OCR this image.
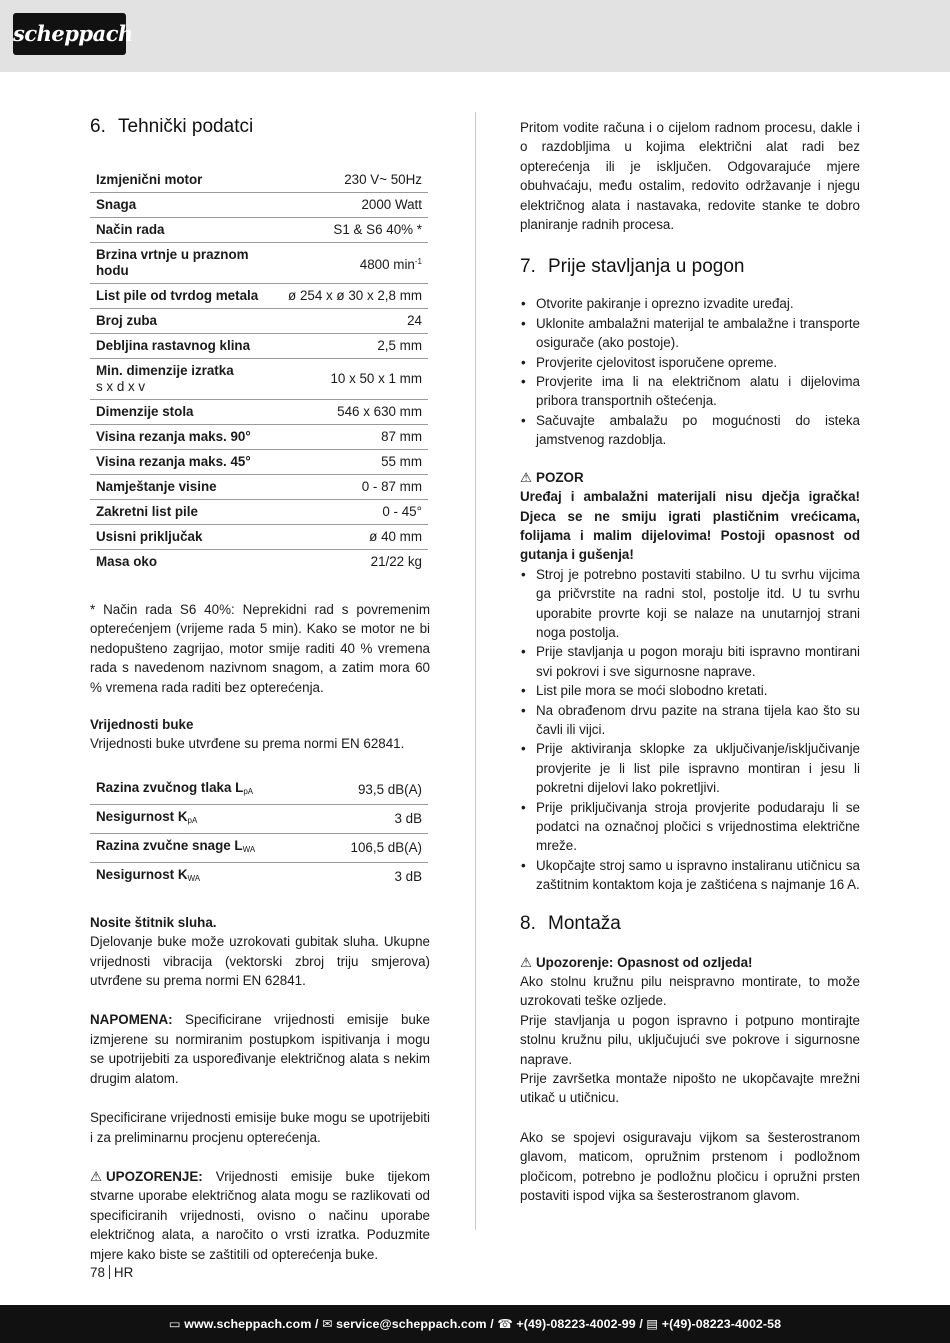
scheppach
6. Tehnički podatci
Izmjenični motor	230 V~ 50Hz
Snaga	2000 Watt
Način rada	S1 & S6 40% *
Brzina vrtnje u praznom hodu	4800 $\min^{-1}$
List pile od tvrdog metala	ø 254 x ø 30 x 2,8 mm
Broj zuba	24
Debljina rastavnog klina	2,5 mm
Min. dimenzije izratka
s x d x v	10 x 50 x 1 mm
Dimenzije stola	546 x 630 mm
Visina rezanja maks. 90°	87 mm
Visina rezanja maks. 45°	55 mm
Namještanje visine	0 - 87 mm
Zakretni list pile	0 - 45°
Usisni priključak	ø 40 mm
Masa oko	21/22 kg

* Način rada S6 40%: Neprekidni rad s povremenim opterećenjem (vrijeme rada 5 min). Kako se motor ne bi nedopušteno zagrijao, motor smije raditi 40 % vremena rada s navedenom nazivnom snagom, a zatim mora 60 % vremena rada raditi bez opterećenja.

Vrijednosti buke

Vrijednosti buke utvrđene su prema normi EN 62841.

Razina zvučnog tlaka $L_{pA}$	93,5 dB(A)
Nesigurnost $K_{pA}$	3 dB
Razina zvučne snage $L_{WA}$	106,5 dB(A)
Nesigurnost $K_{WA}$	3 dB

Nosite štitnik sluha.

Djelovanje buke može uzrokovati gubitak sluha. Ukupne vrijednosti vibracija (vektorski zbroj triju smjerova) utvrđene su prema normi EN 62841.

NAPOMENA: Specificirane vrijednosti emisije buke izmjerene su normiranim postupkom ispitivanja i mogu se upotrijebiti za uspoređivanje električnog alata s nekim drugim alatom.

Specificirane vrijednosti emisije buke mogu se upotrijebiti i za preliminarnu procjenu opterećenja.

⚠ UPOZORENJE: Vrijednosti emisije buke tijekom stvarne uporabe električnog alata mogu se razlikovati od specificiranih vrijednosti, ovisno o načinu uporabe električnog alata, a naročito o vrsti izratka. Poduzmite mjere kako biste se zaštitili od opterećenja buke.

Pritom vodite računa i o cijelom radnom procesu, dakle i o razdobljima u kojima električni alat radi bez opterećenja ili je isključen. Odgovarajuće mjere obuhvaćaju, među ostalim, redovito održavanje i njegu električnog alata i nastavaka, redovite stanke te dobro planiranje radnih procesa.

7. Prije stavljanja u pogon
• Otvorite pakiranje i oprezno izvadite uređaj.
• Uklonite ambalažni materijal te ambalažne i transporte osigurače (ako postoje).
• Provjerite cjelovitost isporučene opreme.
• Provjerite ima li na električnom alatu i dijelovima pribora transportnih oštećenja.
• Sačuvajte ambalažu po mogućnosti do isteka jamstvenog razdoblja.

⚠ POZOR

Uređaj i ambalažni materijali nisu dječja igračka! Djeca se ne smiju igrati plastičnim vrećicama, folijama i malim dijelovima! Postoji opasnost od gutanja i gušenja!

• Stroj je potrebno postaviti stabilno. U tu svrhu vijcima ga pričvrstite na radni stol, postolje itd. U tu svrhu uporabite provrte koji se nalaze na unutarnjoj strani noga postolja.
• Prije stavljanja u pogon moraju biti ispravno montirani svi pokrovi i sve sigurnosne naprave.
• List pile mora se moći slobodno kretati.
• Na obrađenom drvu pazite na strana tijela kao što su čavli ili vijci.
• Prije aktiviranja sklopke za uključivanje/isključivanje provjerite je li list pile ispravno montiran i jesu li pokretni dijelovi lako pokretljivi.
• Prije priključivanja stroja provjerite podudaraju li se podatci na označnoj pločici s vrijednostima električne mreže.
• Ukopčajte stroj samo u ispravno instaliranu utičnicu sa zaštitnim kontaktom koja je zaštićena s najmanje 16 A.
8. Montaža

⚠ Upozorenje: Opasnost od ozljeda!

Ako stolnu kružnu pilu neispravno montirate, to može uzrokovati teške ozljede.

Prije stavljanja u pogon ispravno i potpuno montirajte stolnu kružnu pilu, uključujući sve pokrove i sigurnosne naprave.

Prije završetka montaže nipošto ne ukopčavajte mrežni utikač u utičnicu.

Ako se spojevi osiguravaju vijkom sa šesterostranom glavom, maticom, opružnim prstenom i podložnom pločicom, potrebno je podložnu pločicu i opružni prsten postaviti ispod vijka sa šesterostranom glavom.

78 HR
▭ www.scheppach.com / ✉ service@scheppach.com / ☎ +(49)-08223-4002-99 / ▤ +(49)-08223-4002-58
